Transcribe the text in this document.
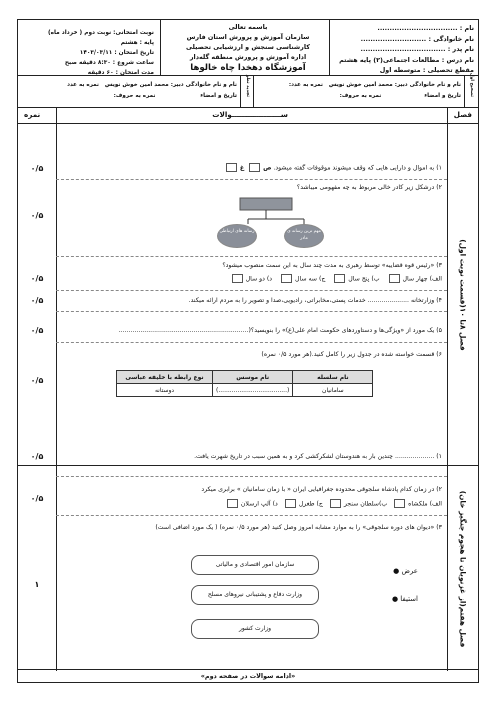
نام : .................................
نام خانوادگی : ...........................
نام پدر : ...................................
نام درس : مطالعات اجتماعی(۲) پایه هشتم
مقطع تحصیلی : متوسطه اول
باسمه تعالی
سازمان آموزش و پرورش استان فارس
کارشناسی سنجش و ارزشیابی تحصیلی
اداره آموزش و پرورش منطقه گله‌دار
آموزشگاه دهخدا چاه خالو‌ها
نوبت امتحانی: نوبت دوم ( خرداد ماه)
پایه : هشتم
تاریخ امتحان : ۱۴۰۳/۰۳/۱۱
ساعت شروع : ۸:۳۰ دقیقه صبح
مدت امتحان : ۶۰ دقیقه	تصحیح اول
نام و نام خانوادگی دبیر: محمد امین خوش نویس   نمره به عدد:
تاریخ و امضاء                      نمره به حروف:
تجدید نظر
نام و نام خانوادگی دبیر: محمد امین خوش نویس   نمره به عدد
تاریخ و امضاء                       نمره به حروف:
فصل
ســــــــــــــــــــوالات
نمره
فصل ۸تا ۱۰(قسمت نوبت اول)
فصل هفتم(از غزنویان تا هجوم چنگیز خان)
۱) به اموال و دارایی هایی که وقف میشوند موقوفات گفته میشود. ص غ
۰/۵
۲) درشکل زیر کادر خالی مربوط به چه مفهومی میباشد؟
رسانه های ارتباطی	مهم ترین رسانه ی مادر
۰/۵
۳) «رئیس قوه قضاییه» توسط رهبری به مدت چند سال به این سمت منصوب میشود؟
الف) چهار سال   ب) پنج سال   ج) سه سال   د) دو سال
۰/۵
۴) وزارتخانه ..................... خدمات پستی،مخابراتی، رادیویی،صدا و تصویر را به مردم ارائه میکند.
۰/۵
۵) یک مورد از «ویژگی‌ها و دستاوردهای حکومت امام علی(ع)» را بنویسید؟(..................................................................
۰/۵
۶) قسمت خواسته شده در جدول زیر را کامل کنید.(هر مورد ۰/۵ نمره)
نام سلسله	نام موسس	نوع رابطه با خلیفه عباسی
سامانیان	(....................................)	دوستانه
۰/۵
۱) .................... چندین بار به هندوستان لشکرکشی کرد و به همین سبب در تاریخ شهرت یافت.
۰/۵
۲) در زمان کدام پادشاه سلجوقی محدوده جغرافیایی ایران « با زمان سامانیان » برابری میکرد
الف) ملکشاه  ب)سلطان سنجر  ج) طغرل  د) آلپ ارسلان
۰/۵
۳) «دیوان های دوره سلجوقی» را به موارد مشابه امروز وصل کنید (هر مورد ۰/۵ نمره) ( یک مورد اضافی است)
سازمان امور اقتصادی و مالیاتی
وزارت دفاع و پشتیبانی نیروهای مسلح
وزارت کشور
عرض ●
استیفا ●
۱
«ادامه سوالات در صفحه دوم»
